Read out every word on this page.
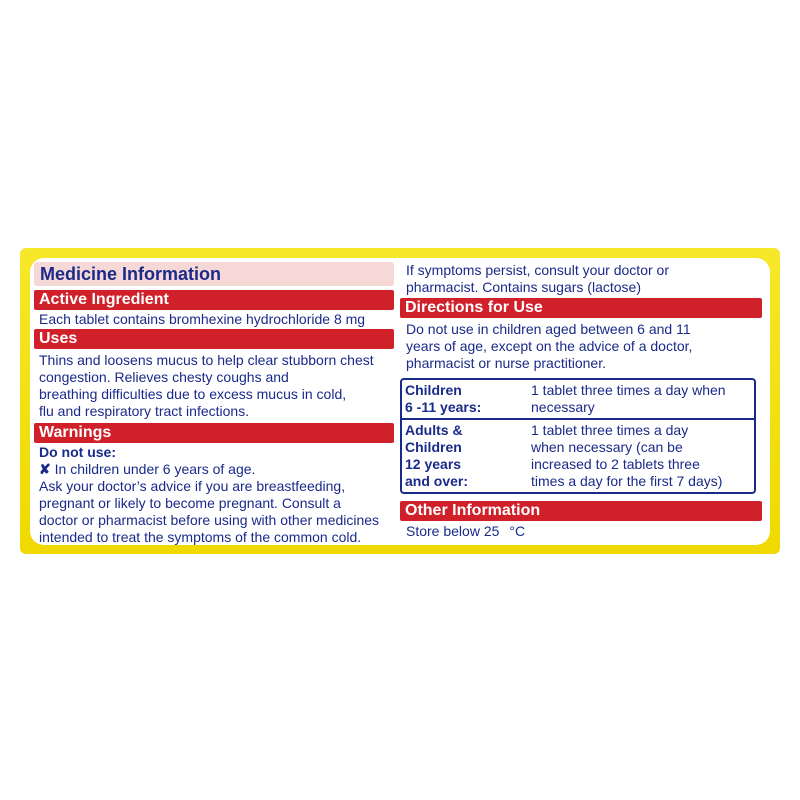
Medicine Information
Active Ingredient
Each tablet contains bromhexine hydrochloride 8 mg
Uses
Thins and loosens mucus to help clear stubborn chest
congestion. Relieves chesty coughs and
breathing difficulties due to excess mucus in cold,
flu and respiratory tract infections.
Warnings
Do not use:
✘ In children under 6 years of age.
Ask your doctor’s advice if you are breastfeeding,
pregnant or likely to become pregnant. Consult a
doctor or pharmacist before using with other medicines
intended to treat the symptoms of the common cold.
If symptoms persist, consult your doctor or
pharmacist. Contains sugars (lactose)
Directions for Use
Do not use in children aged between 6 and 11
years of age, except on the advice of a doctor,
pharmacist or nurse practitioner.
Children
6 -11 years:
1 tablet three times a day when
necessary
Adults &
Children
12 years
and over:
1 tablet three times a day
when necessary (can be
increased to 2 tablets three
times a day for the first 7 days)
Other Information
Store below 25 °C
